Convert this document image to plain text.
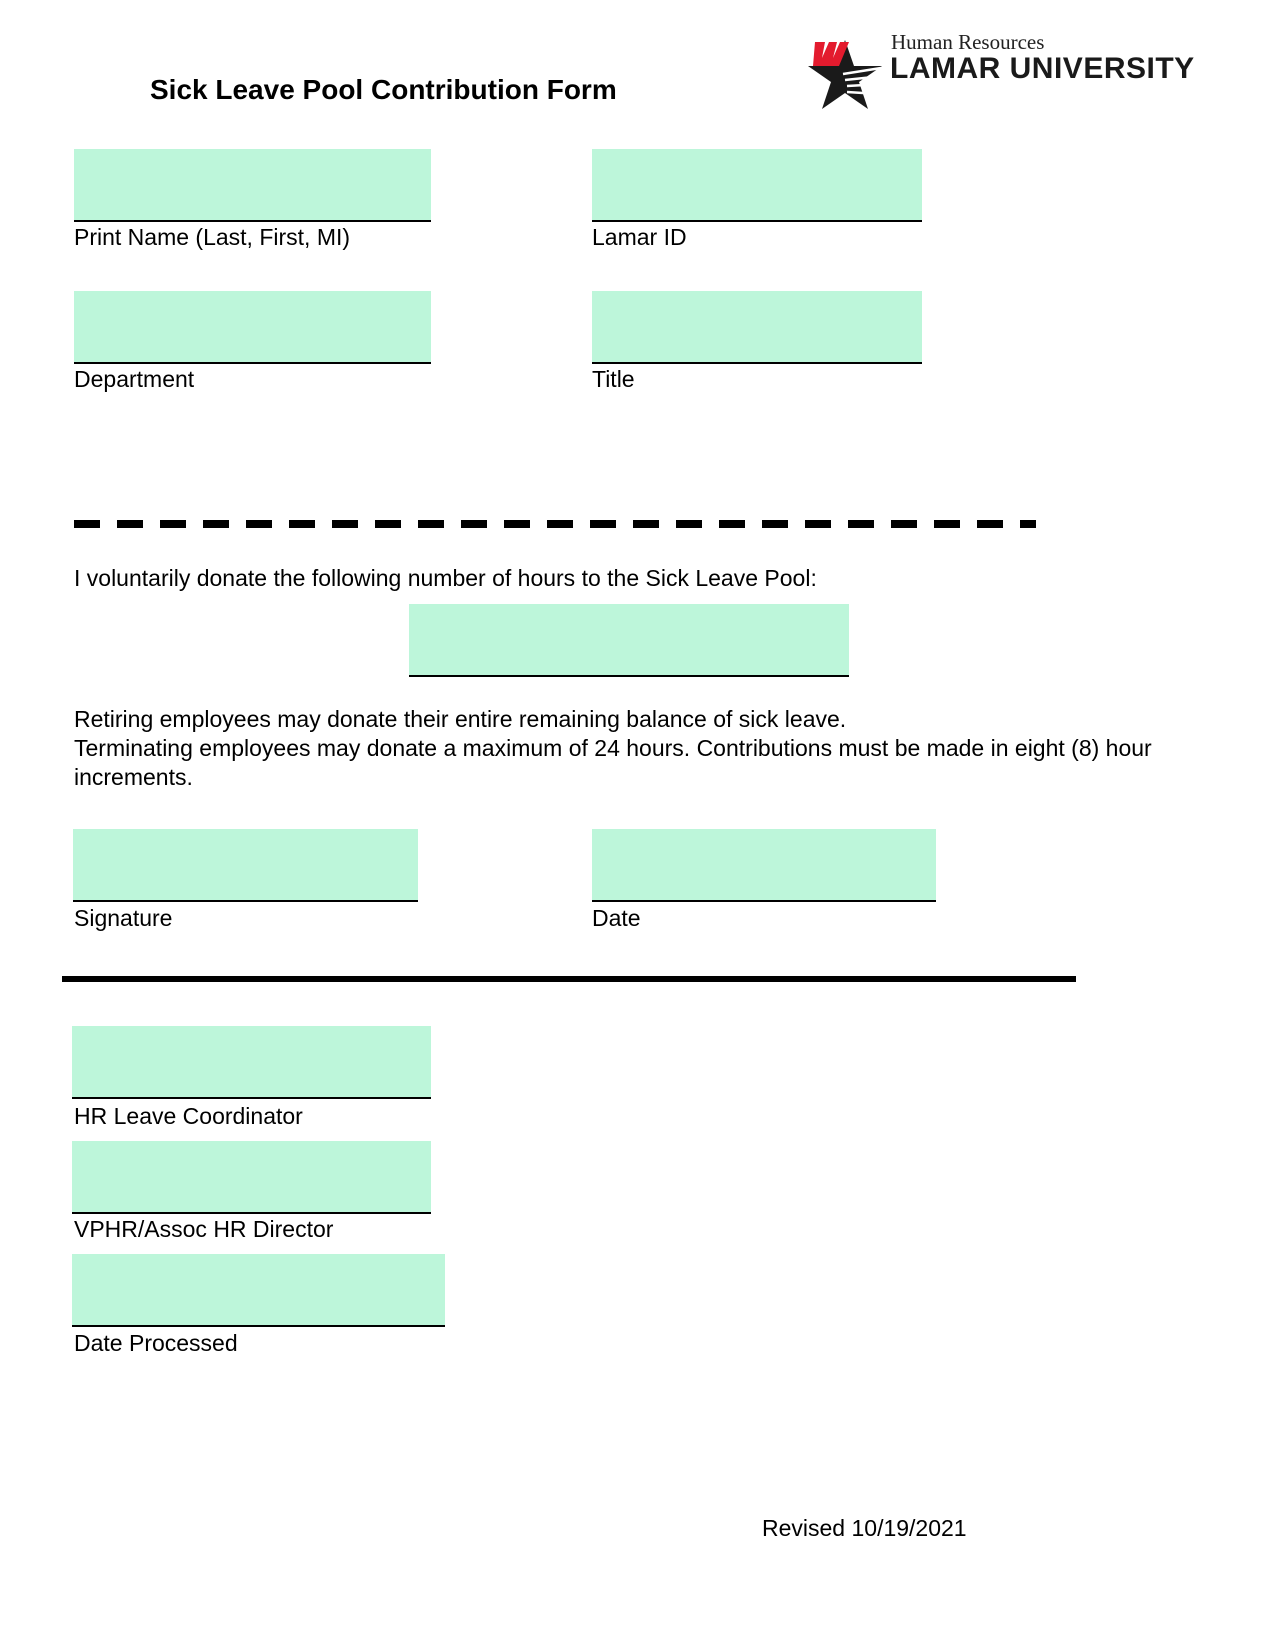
Sick Leave Pool Contribution Form
Human Resources
LAMAR UNIVERSITY
Print Name (Last, First, MI)	Lamar ID
Department	Title
I voluntarily donate the following number of hours to the Sick Leave Pool:
Retiring employees may donate their entire remaining balance of sick leave.
Terminating employees may donate a maximum of 24 hours. Contributions must be made in eight (8) hour increments.
Signature	Date
HR Leave Coordinator
VPHR/Assoc HR Director
Date Processed
Revised 10/19/2021
